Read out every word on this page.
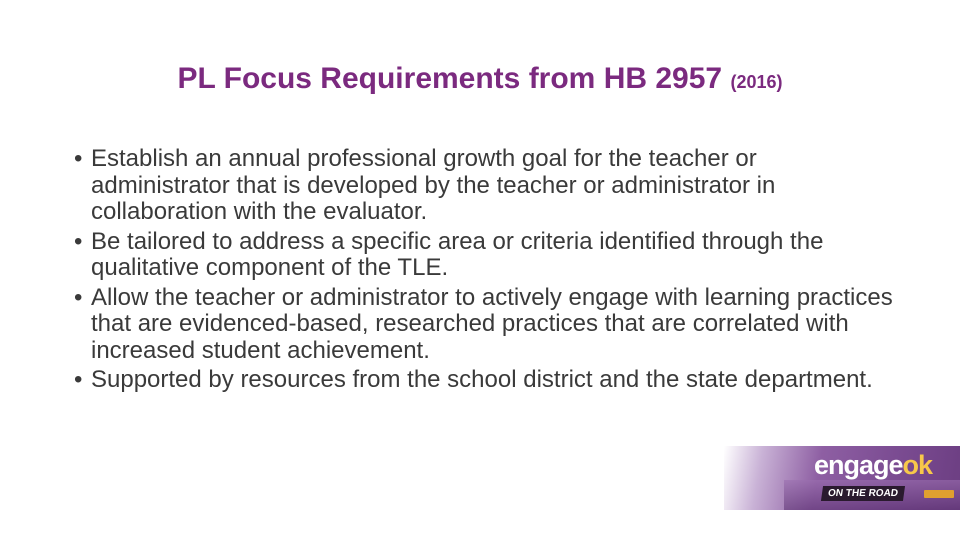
PL Focus Requirements from HB 2957 (2016)
• Establish an annual professional growth goal for the teacher or administrator that is developed by the teacher or administrator in collaboration with the evaluator.
• Be tailored to address a specific area or criteria identified through the qualitative component of the TLE.
• Allow the teacher or administrator to actively engage with learning practices that are evidenced-based, researched practices that are correlated with increased student achievement.
• Supported by resources from the school district and the state department.
engageok
ON THE ROAD
